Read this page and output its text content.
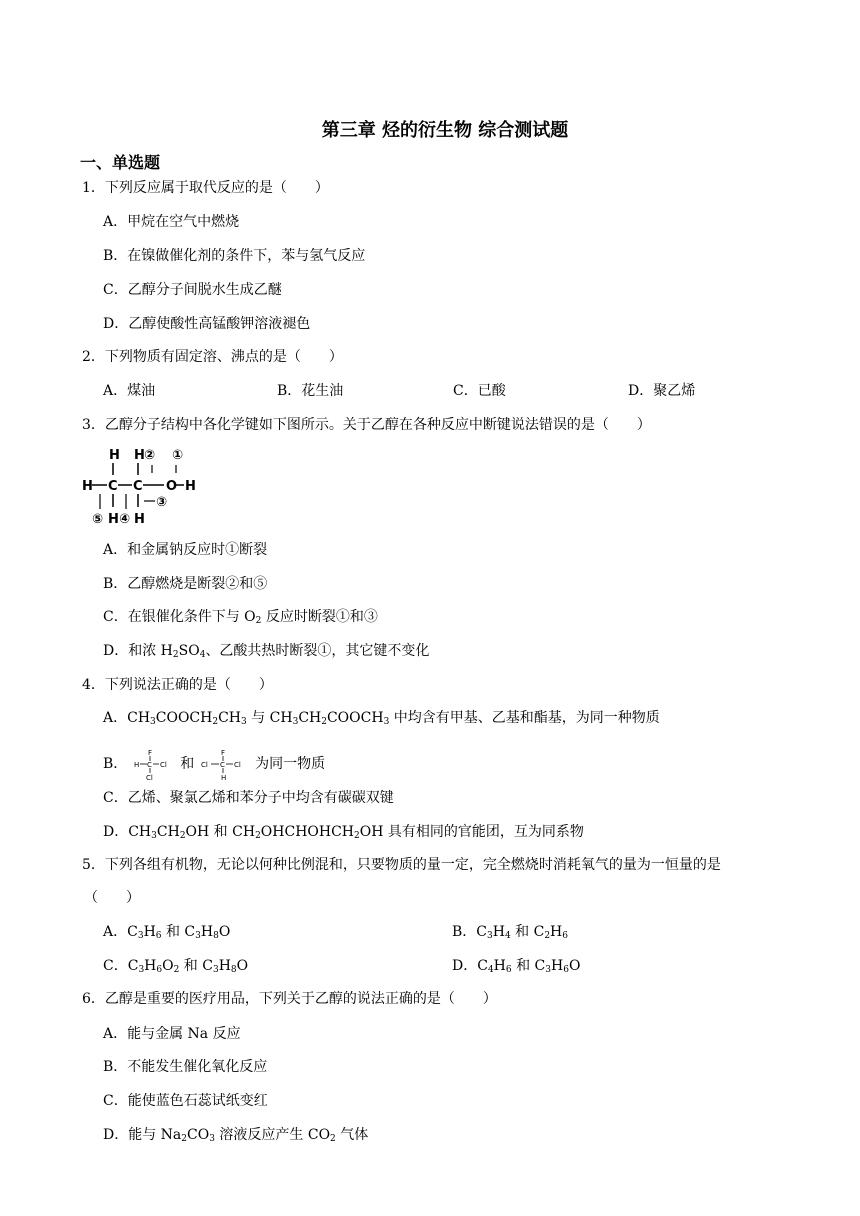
第三章 烃的衍生物 综合测试题
一、单选题
1．下列反应属于取代反应的是（　　）
A．甲烷在空气中燃烧
B．在镍做催化剂的条件下，苯与氢气反应
C．乙醇分子间脱水生成乙醚
D．乙醇使酸性高锰酸钾溶液褪色
2．下列物质有固定溶、沸点的是（　　）
A．煤油	B．花生油	C．已酸	D．聚乙烯
3．乙醇分子结构中各化学键如下图所示。关于乙醇在各种反应中断键说法错误的是（　　）
H H ② ①
H C C O H
③
⑤ H ④ H
A．和金属钠反应时①断裂
B．乙醇燃烧是断裂②和⑤
C．在银催化条件下与 $O_2$ 反应时断裂①和③
D．和浓 $H_2SO_4$、乙酸共热时断裂①，其它键不变化
4．下列说法正确的是（　　）
A．$CH_3COOCH_2CH_3$ 与 $CH_3CH_2COOCH_3$ 中均含有甲基、乙基和酯基，为同一种物质
B．
F
H C Cl
Cl
和
F
Cl C Cl
H
为同一物质
C．乙烯、聚氯乙烯和苯分子中均含有碳碳双键
D．$CH_3CH_2OH$ 和 $CH_2OHCHOHCH_2OH$ 具有相同的官能团，互为同系物
5．下列各组有机物，无论以何种比例混和，只要物质的量一定，完全燃烧时消耗氧气的量为一恒量的是
（　　）
A．$C_3H_6$ 和 $C_3H_8O$	B．$C_3H_4$ 和 $C_2H_6$
C．$C_3H_6O_2$ 和 $C_3H_8O$	D．$C_4H_6$ 和 $C_3H_6O$
6．乙醇是重要的医疗用品，下列关于乙醇的说法正确的是（　　）
A．能与金属 Na 反应
B．不能发生催化氧化反应
C．能使蓝色石蕊试纸变红
D．能与 $Na_2CO_3$ 溶液反应产生 $CO_2$ 气体
